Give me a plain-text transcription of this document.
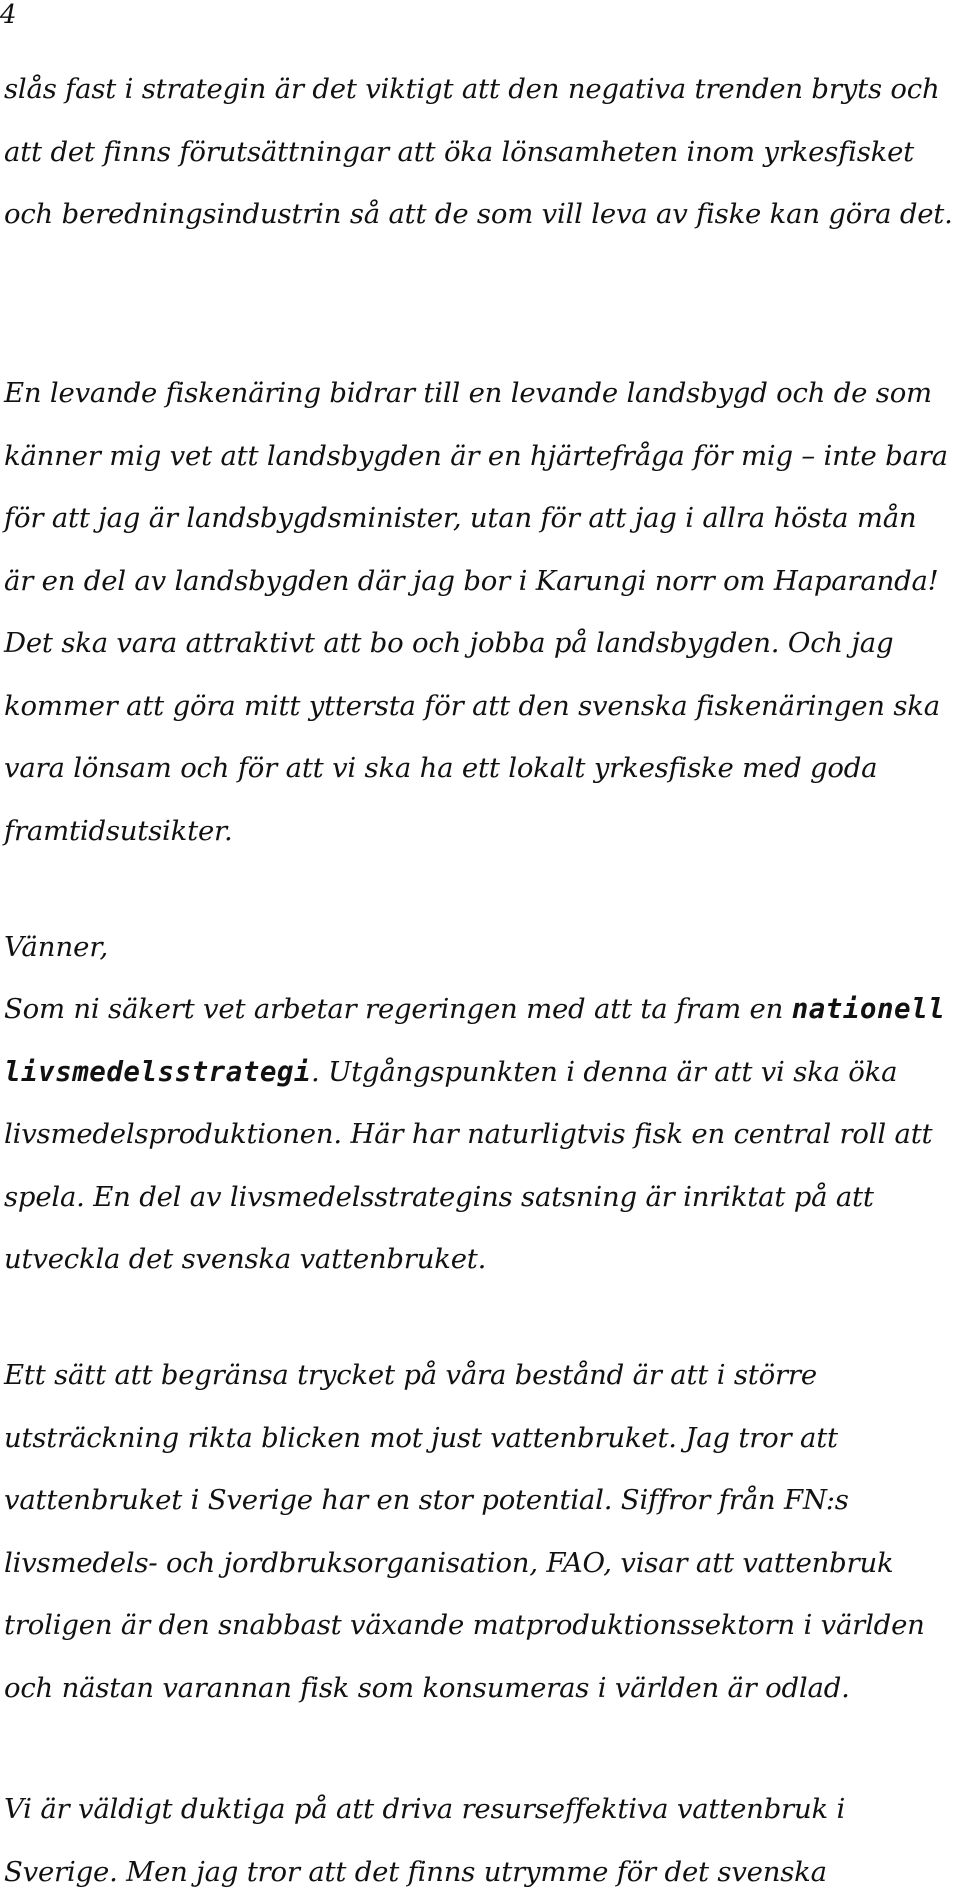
4

slås fast i strategin är det viktigt att den negativa trenden bryts och att det finns förutsättningar att öka lönsamheten inom yrkesfisket och beredningsindustrin så att de som vill leva av fiske kan göra det.

En levande fiskenäring bidrar till en levande landsbygd och de som känner mig vet att landsbygden är en hjärtefråga för mig – inte bara för att jag är landsbygdsminister, utan för att jag i allra hösta mån är en del av landsbygden där jag bor i Karungi norr om Haparanda! Det ska vara attraktivt att bo och jobba på landsbygden. Och jag kommer att göra mitt yttersta för att den svenska fiskenäringen ska vara lönsam och för att vi ska ha ett lokalt yrkesfiske med goda framtidsutsikter.

Vänner,

Som ni säkert vet arbetar regeringen med att ta fram en nationell livsmedelsstrategi. Utgångspunkten i denna är att vi ska öka livsmedelsproduktionen. Här har naturligtvis fisk en central roll att spela. En del av livsmedelsstrategins satsning är inriktat på att utveckla det svenska vattenbruket.

Ett sätt att begränsa trycket på våra bestånd är att i större utsträckning rikta blicken mot just vattenbruket. Jag tror att vattenbruket i Sverige har en stor potential. Siffror från FN:s livsmedels- och jordbruksorganisation, FAO, visar att vattenbruk troligen är den snabbast växande matproduktionssektorn i världen och nästan varannan fisk som konsumeras i världen är odlad.

Vi är väldigt duktiga på att driva resurseffektiva vattenbruk i Sverige. Men jag tror att det finns utrymme för det svenska
